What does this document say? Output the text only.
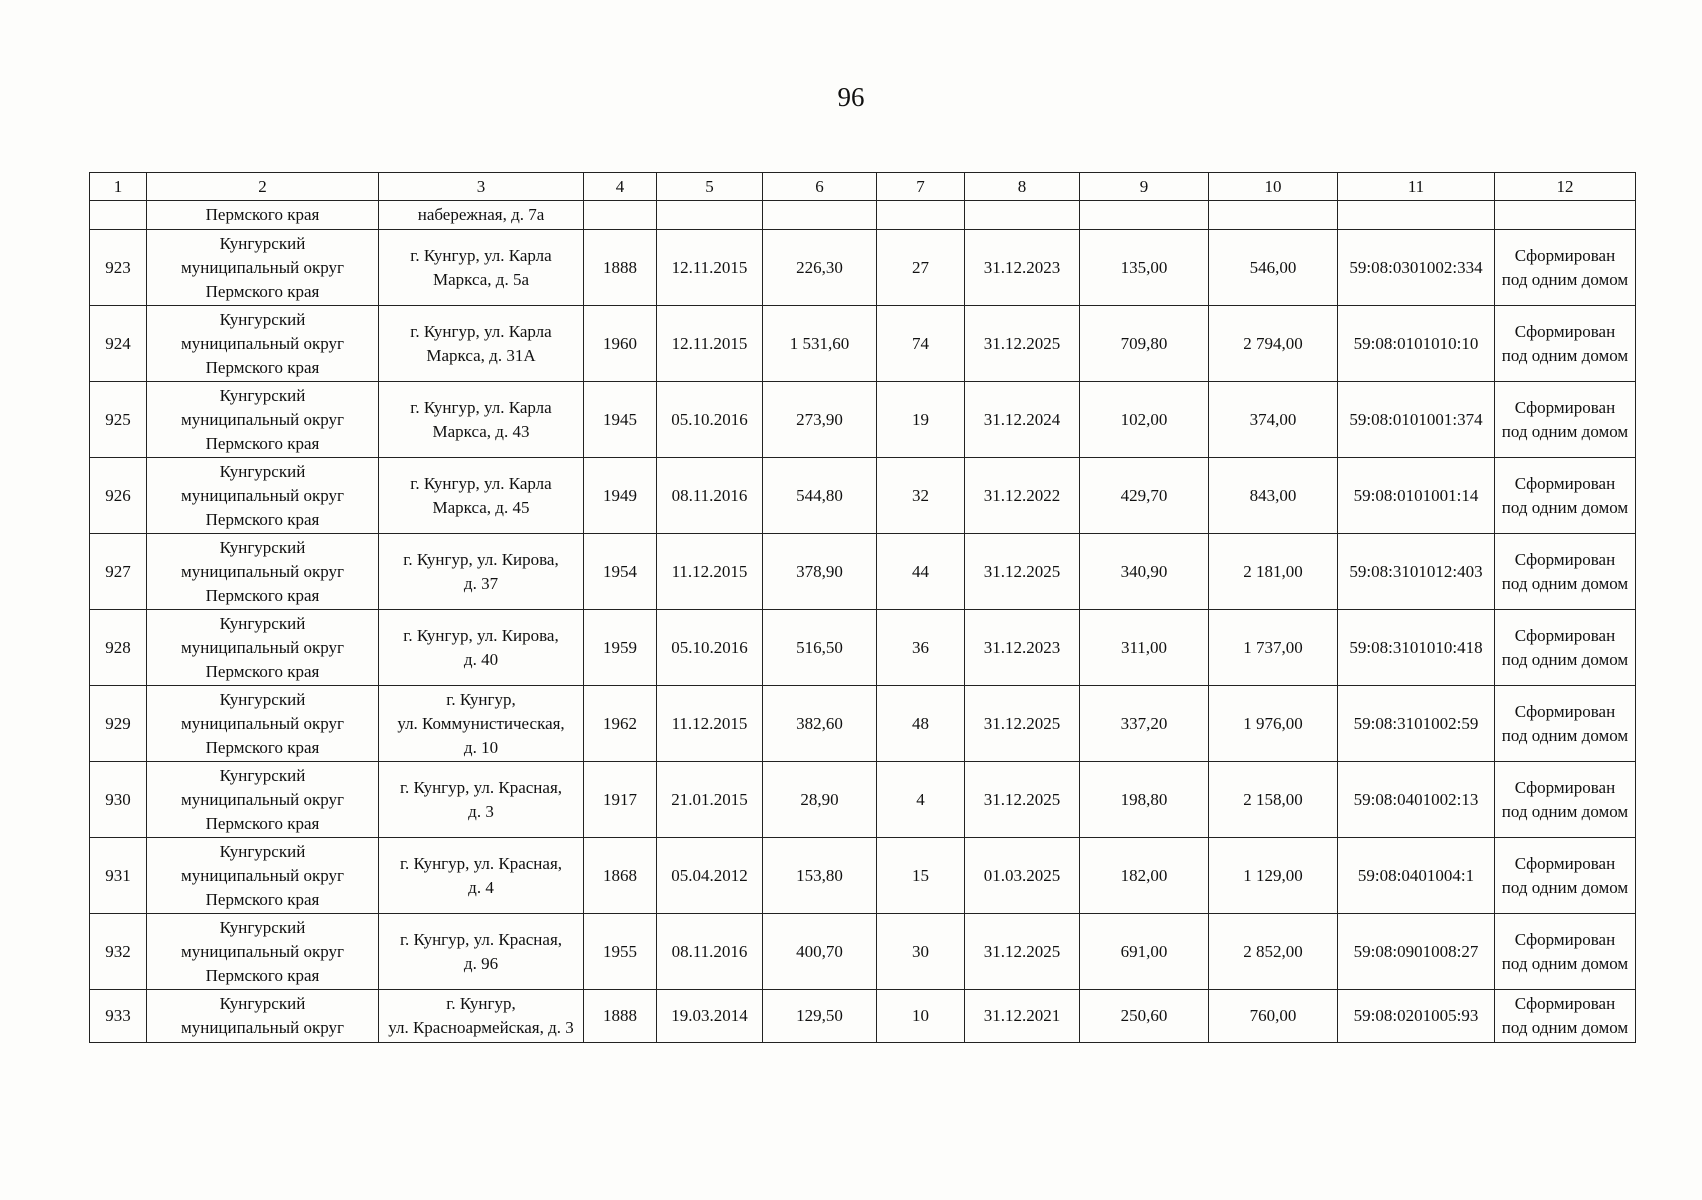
96
1	2	3	4	5	6	7	8	9	10	11	12
	Пермского края	набережная, д. 7а									
923	Кунгурский
муниципальный округ
Пермского края	г. Кунгур, ул. Карла
Маркса, д. 5а	1888	12.11.2015	226,30	27	31.12.2023	135,00	546,00	59:08:0301002:334	Сформирован
под одним домом

924	Кунгурский
муниципальный округ
Пермского края	г. Кунгур, ул. Карла
Маркса, д. 31А	1960	12.11.2015	1 531,60	74	31.12.2025	709,80	2 794,00	59:08:0101010:10	Сформирован
под одним домом

925	Кунгурский
муниципальный округ
Пермского края	г. Кунгур, ул. Карла
Маркса, д. 43	1945	05.10.2016	273,90	19	31.12.2024	102,00	374,00	59:08:0101001:374	Сформирован
под одним домом

926	Кунгурский
муниципальный округ
Пермского края	г. Кунгур, ул. Карла
Маркса, д. 45	1949	08.11.2016	544,80	32	31.12.2022	429,70	843,00	59:08:0101001:14	Сформирован
под одним домом

927	Кунгурский
муниципальный округ
Пермского края	г. Кунгур, ул. Кирова,
д. 37	1954	11.12.2015	378,90	44	31.12.2025	340,90	2 181,00	59:08:3101012:403	Сформирован
под одним домом

928	Кунгурский
муниципальный округ
Пермского края	г. Кунгур, ул. Кирова,
д. 40	1959	05.10.2016	516,50	36	31.12.2023	311,00	1 737,00	59:08:3101010:418	Сформирован
под одним домом

929	Кунгурский
муниципальный округ
Пермского края	г. Кунгур,
ул. Коммунистическая,
д. 10	1962	11.12.2015	382,60	48	31.12.2025	337,20	1 976,00	59:08:3101002:59	Сформирован
под одним домом

930	Кунгурский
муниципальный округ
Пермского края	г. Кунгур, ул. Красная,
д. 3	1917	21.01.2015	28,90	4	31.12.2025	198,80	2 158,00	59:08:0401002:13	Сформирован
под одним домом

931	Кунгурский
муниципальный округ
Пермского края	г. Кунгур, ул. Красная,
д. 4	1868	05.04.2012	153,80	15	01.03.2025	182,00	1 129,00	59:08:0401004:1	Сформирован
под одним домом

932	Кунгурский
муниципальный округ
Пермского края	г. Кунгур, ул. Красная,
д. 96	1955	08.11.2016	400,70	30	31.12.2025	691,00	2 852,00	59:08:0901008:27	Сформирован
под одним домом

933	Кунгурский
муниципальный округ	г. Кунгур,
ул. Красноармейская, д. 3	1888	19.03.2014	129,50	10	31.12.2021	250,60	760,00	59:08:0201005:93	Сформирован
под одним домом
